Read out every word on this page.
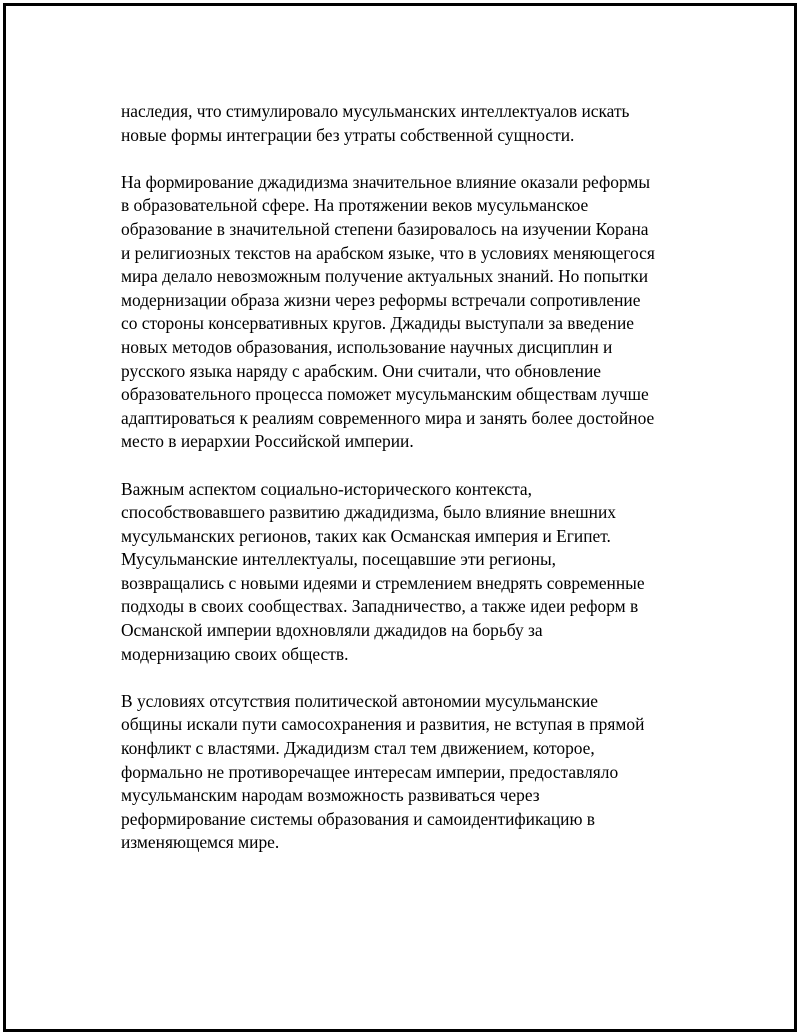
наследия, что стимулировало мусульманских интеллектуалов искать
новые формы интеграции без утраты собственной сущности.

На формирование джадидизма значительное влияние оказали реформы
в образовательной сфере. На протяжении веков мусульманское
образование в значительной степени базировалось на изучении Корана
и религиозных текстов на арабском языке, что в условиях меняющегося
мира делало невозможным получение актуальных знаний. Но попытки
модернизации образа жизни через реформы встречали сопротивление
со стороны консервативных кругов. Джадиды выступали за введение
новых методов образования, использование научных дисциплин и
русского языка наряду с арабским. Они считали, что обновление
образовательного процесса поможет мусульманским обществам лучше
адаптироваться к реалиям современного мира и занять более достойное
место в иерархии Российской империи.

Важным аспектом социально-исторического контекста,
способствовавшего развитию джадидизма, было влияние внешних
мусульманских регионов, таких как Османская империя и Египет.
Мусульманские интеллектуалы, посещавшие эти регионы,
возвращались с новыми идеями и стремлением внедрять современные
подходы в своих сообществах. Западничество, а также идеи реформ в
Османской империи вдохновляли джадидов на борьбу за
модернизацию своих обществ.

В условиях отсутствия политической автономии мусульманские
общины искали пути самосохранения и развития, не вступая в прямой
конфликт с властями. Джадидизм стал тем движением, которое,
формально не противоречащее интересам империи, предоставляло
мусульманским народам возможность развиваться через
реформирование системы образования и самоидентификацию в
изменяющемся мире.
